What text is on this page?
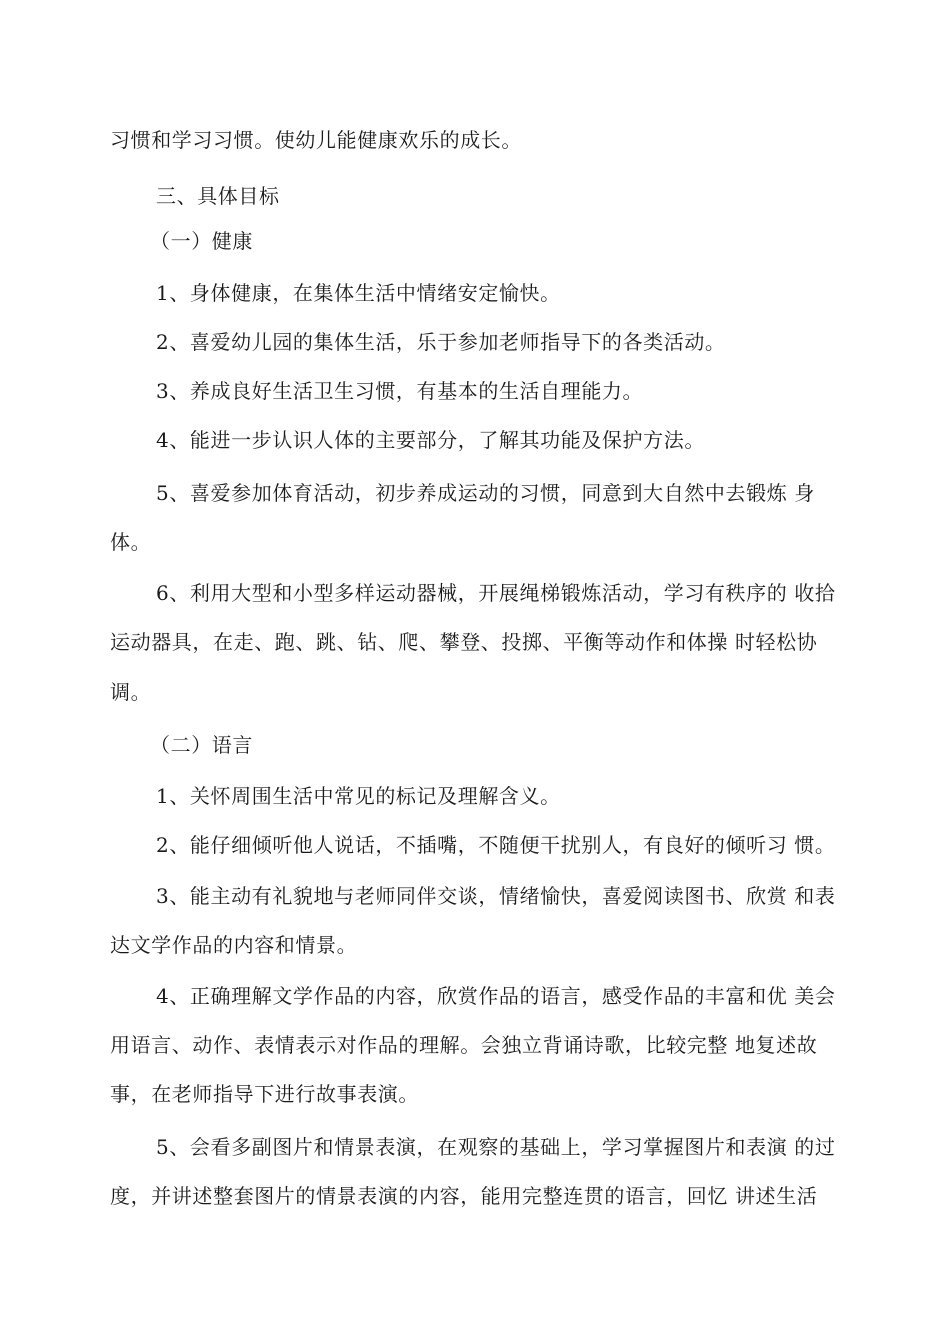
习惯和学习习惯。使幼儿能健康欢乐的成长。
三、具体目标
（一）健康
1、身体健康，在集体生活中情绪安定愉快。
2、喜爱幼儿园的集体生活，乐于参加老师指导下的各类活动。
3、养成良好生活卫生习惯，有基本的生活自理能力。
4、能进一步认识人体的主要部分，了解其功能及保护方法。
5、喜爱参加体育活动，初步养成运动的习惯，同意到大自然中去锻炼 身
体。
6、利用大型和小型多样运动器械，开展绳梯锻炼活动，学习有秩序的 收拾
运动器具，在走、跑、跳、钻、爬、攀登、投掷、平衡等动作和体操 时轻松协
调。
（二）语言
1、关怀周围生活中常见的标记及理解含义。
2、能仔细倾听他人说话，不插嘴，不随便干扰别人，有良好的倾听习 惯。
3、能主动有礼貌地与老师同伴交谈，情绪愉快，喜爱阅读图书、欣赏 和表
达文学作品的内容和情景。
4、正确理解文学作品的内容，欣赏作品的语言，感受作品的丰富和优 美会
用语言、动作、表情表示对作品的理解。会独立背诵诗歌，比较完整 地复述故
事，在老师指导下进行故事表演。
5、会看多副图片和情景表演，在观察的基础上，学习掌握图片和表演 的过
度，并讲述整套图片的情景表演的内容，能用完整连贯的语言，回忆 讲述生活
